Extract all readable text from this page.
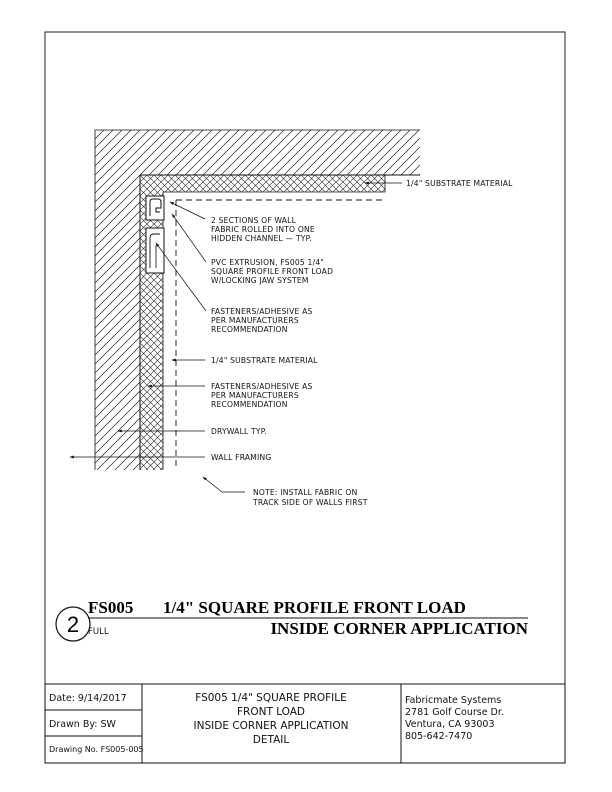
1/4" SUBSTRATE MATERIAL
2 SECTIONS OF WALL
FABRIC ROLLED INTO ONE
HIDDEN CHANNEL — TYP.
PVC EXTRUSION, FS005 1/4"
SQUARE PROFILE FRONT LOAD
W/LOCKING JAW SYSTEM
FASTENERS/ADHESIVE AS
PER MANUFACTURERS
RECOMMENDATION
1/4" SUBSTRATE MATERIAL
FASTENERS/ADHESIVE AS
PER MANUFACTURERS
RECOMMENDATION
DRYWALL TYP.
WALL FRAMING
NOTE: INSTALL FABRIC ON
TRACK SIDE OF WALLS FIRST
2
FS005
FULL
1/4" SQUARE PROFILE FRONT LOAD
INSIDE CORNER APPLICATION
Date: 9/14/2017
Drawn By: SW
Drawing No. FS005-005
FS005 1/4" SQUARE PROFILE
FRONT LOAD
INSIDE CORNER APPLICATION
DETAIL
Fabricmate Systems
2781 Golf Course Dr.
Ventura, CA 93003
805-642-7470
